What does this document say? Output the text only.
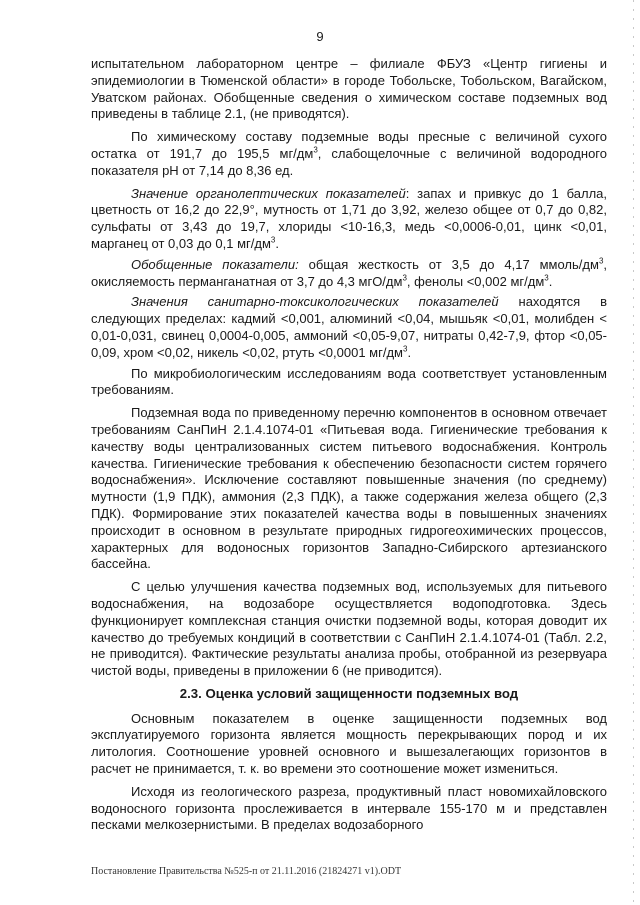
9

испытательном лабораторном центре – филиале ФБУЗ «Центр гигиены и эпидемиологии в Тюменской области» в городе Тобольске, Тобольском, Вагайском, Уватском районах. Обобщенные сведения о химическом составе подземных вод приведены в таблице 2.1, (не приводятся).

По химическому составу подземные воды пресные с величиной сухого остатка от 191,7 до 195,5 $мг/дм^3$, слабощелочные с величиной водородного показателя рН от 7,14 до 8,36 ед.

Значение органолептических показателей: запах и привкус до 1 балла, цветность от 16,2 до 22,9°, мутность от 1,71 до 3,92, железо общее от 0,7 до 0,82, сульфаты от 3,43 до 19,7, хлориды <10-16,3, медь <0,0006-0,01, цинк <0,01, марганец от 0,03 до 0,1 $мг/дм^3$.

Обобщенные показатели: общая жесткость от 3,5 до 4,17 ммоль/$дм^3$, окисляемость перманганатная от 3,7 до 4,3 мгО/$дм^3$, фенолы <0,002 $мг/дм^3$.

Значения санитарно-токсикологических показателей находятся в следующих пределах: кадмий <0,001, алюминий <0,04, мышьяк <0,01, молибден < 0,01-0,031, свинец 0,0004-0,005, аммоний <0,05-9,07, нитраты 0,42-7,9, фтор <0,05-0,09, хром <0,02, никель <0,02, ртуть <0,0001 $мг/дм^3$.

По микробиологическим исследованиям вода соответствует установленным требованиям.

Подземная вода по приведенному перечню компонентов в основном отвечает требованиям СанПиН 2.1.4.1074-01 «Питьевая вода. Гигиенические требования к качеству воды централизованных систем питьевого водоснабжения. Контроль качества. Гигиенические требования к обеспечению безопасности систем горячего водоснабжения». Исключение составляют повышенные значения (по среднему) мутности (1,9 ПДК), аммония (2,3 ПДК), а также содержания железа общего (2,3 ПДК). Формирование этих показателей качества воды в повышенных значениях происходит в основном в результате природных гидрогеохимических процессов, характерных для водоносных горизонтов Западно-Сибирского артезианского бассейна.

С целью улучшения качества подземных вод, используемых для питьевого водоснабжения, на водозаборе осуществляется водоподготовка. Здесь функционирует комплексная станция очистки подземной воды, которая доводит их качество до требуемых кондиций в соответствии с СанПиН 2.1.4.1074-01 (Табл. 2.2, не приводится). Фактические результаты анализа пробы, отобранной из резервуара чистой воды, приведены в приложении 6 (не приводится).

2.3. Оценка условий защищенности подземных вод

Основным показателем в оценке защищенности подземных вод эксплуатируемого горизонта является мощность перекрывающих пород и их литология. Соотношение уровней основного и вышезалегающих горизонтов в расчет не принимается, т. к. во времени это соотношение может измениться.

Исходя из геологического разреза, продуктивный пласт новомихайловского водоносного горизонта прослеживается в интервале 155-170 м и представлен песками мелкозернистыми. В пределах водозаборного

Постановление Правительства №525-п от 21.11.2016 (21824271 v1).ODT
